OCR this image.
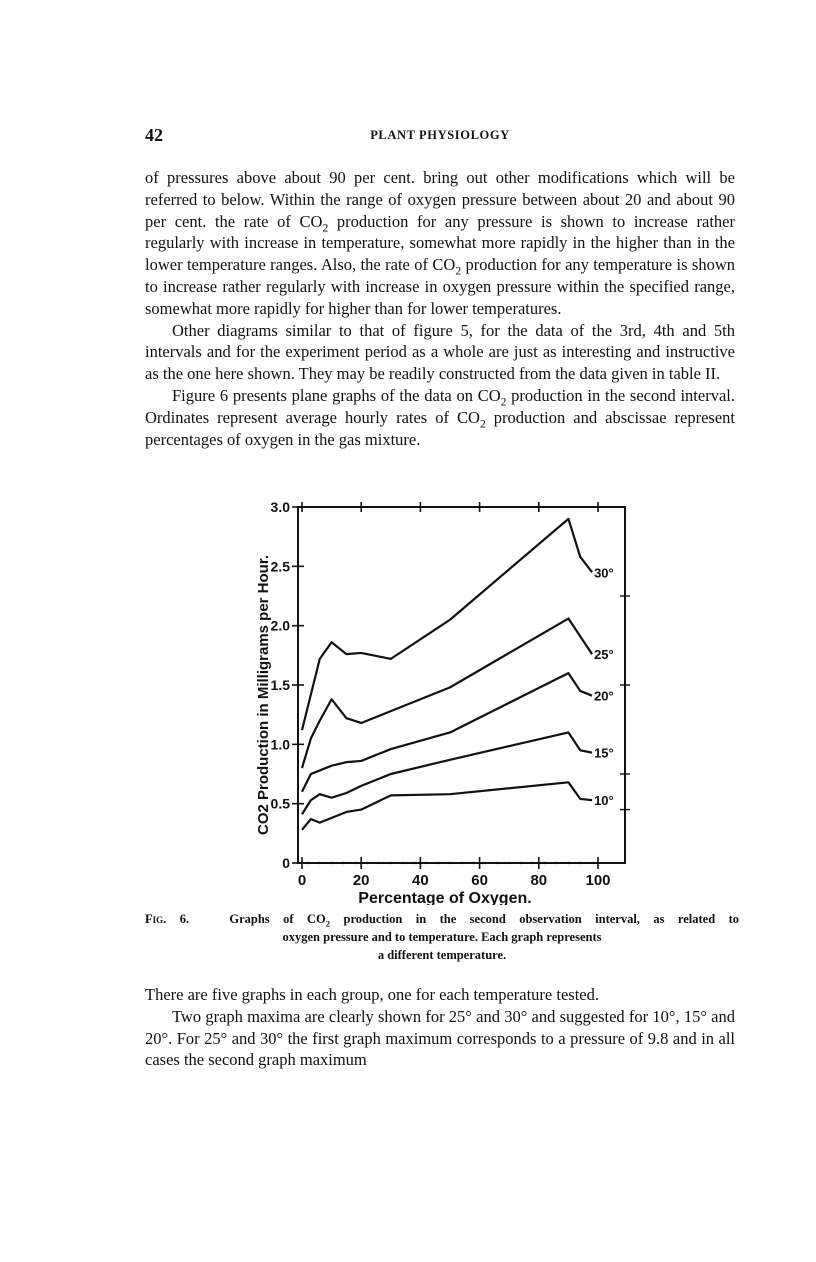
42	PLANT PHYSIOLOGY

of pressures above about 90 per cent. bring out other modifications which will be referred to below. Within the range of oxygen pressure between about 20 and about 90 per cent. the rate of $CO_2$ production for any pressure is shown to increase rather regularly with increase in temperature, somewhat more rapidly in the higher than in the lower temperature ranges. Also, the rate of $CO_2$ production for any temperature is shown to increase rather regularly with increase in oxygen pressure within the specified range, somewhat more rapidly for higher than for lower temperatures.

Other diagrams similar to that of figure 5, for the data of the 3rd, 4th and 5th intervals and for the experiment period as a whole are just as interesting and instructive as the one here shown. They may be readily constructed from the data given in table II.

Figure 6 presents plane graphs of the data on $CO_2$ production in the second interval. Ordinates represent average hourly rates of $CO_2$ production and abscissae represent percentages of oxygen in the gas mixture.

0
0.5
1.0
1.5
2.0
2.5
3.0
0	20	40	60	80	100
Percentage of Oxygen.
CO2 Production in Milligrams per Hour.	30°
25°
20°
15°
10°
Fig. 6.	Graphs of $CO_2$ production in the second observation interval, as related to
oxygen pressure and to temperature. Each graph represents
a different temperature.

There are five graphs in each group, one for each temperature tested.

Two graph maxima are clearly shown for 25° and 30° and suggested for 10°, 15° and 20°. For 25° and 30° the first graph maximum corresponds to a pressure of 9.8 and in all cases the second graph maximum
